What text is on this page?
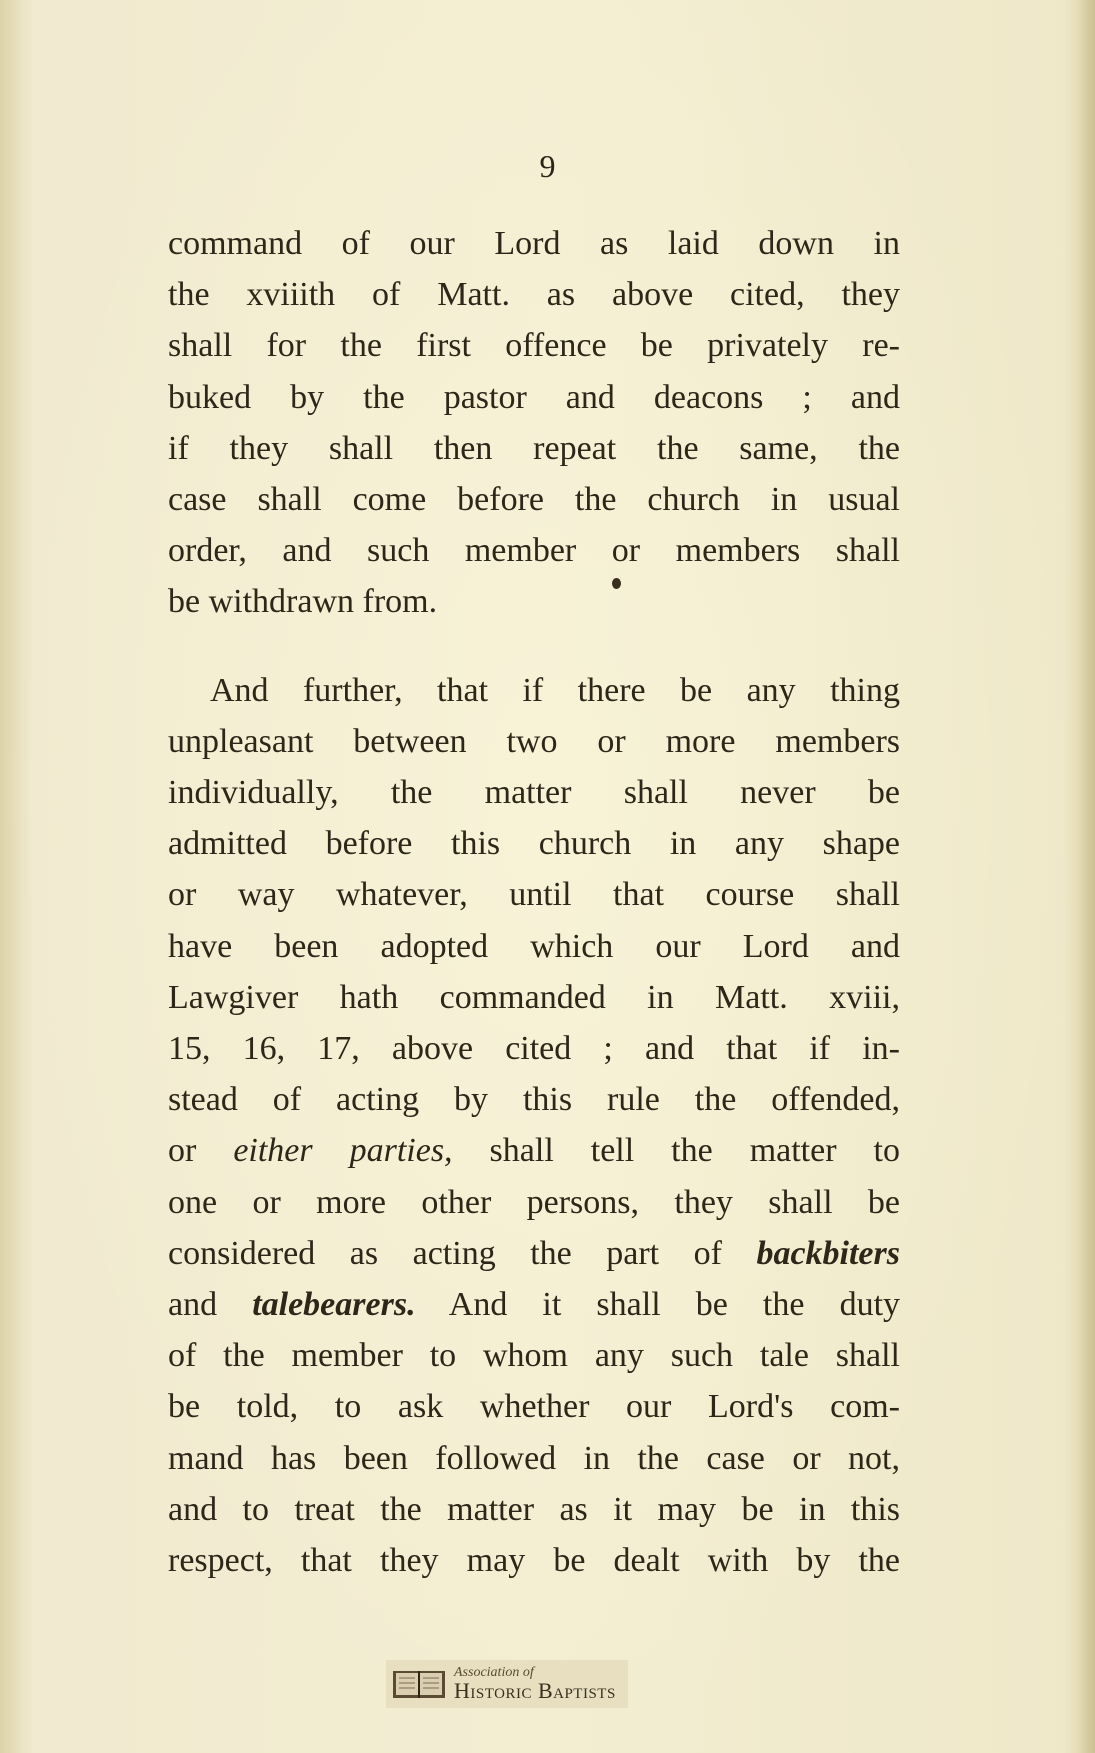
9
command of our Lord as laid down in
the xviiith of Matt. as above cited, they
shall for the first offence be privately re-
buked by the pastor and deacons ; and
if they shall then repeat the same, the
case shall come before the church in usual
order, and such member or members shall
be withdrawn from.
And further, that if there be any thing
unpleasant between two or more members
individually, the matter shall never be
admitted before this church in any shape
or way whatever, until that course shall
have been adopted which our Lord and
Lawgiver hath commanded in Matt. xviii,
15, 16, 17, above cited ; and that if in-
stead of acting by this rule the offended,
or either parties, shall tell the matter to
one or more other persons, they shall be
considered as acting the part of backbiters
and talebearers. And it shall be the duty
of the member to whom any such tale shall
be told, to ask whether our Lord's com-
mand has been followed in the case or not,
and to treat the matter as it may be in this
respect, that they may be dealt with by the
Association of
Historic Baptists
